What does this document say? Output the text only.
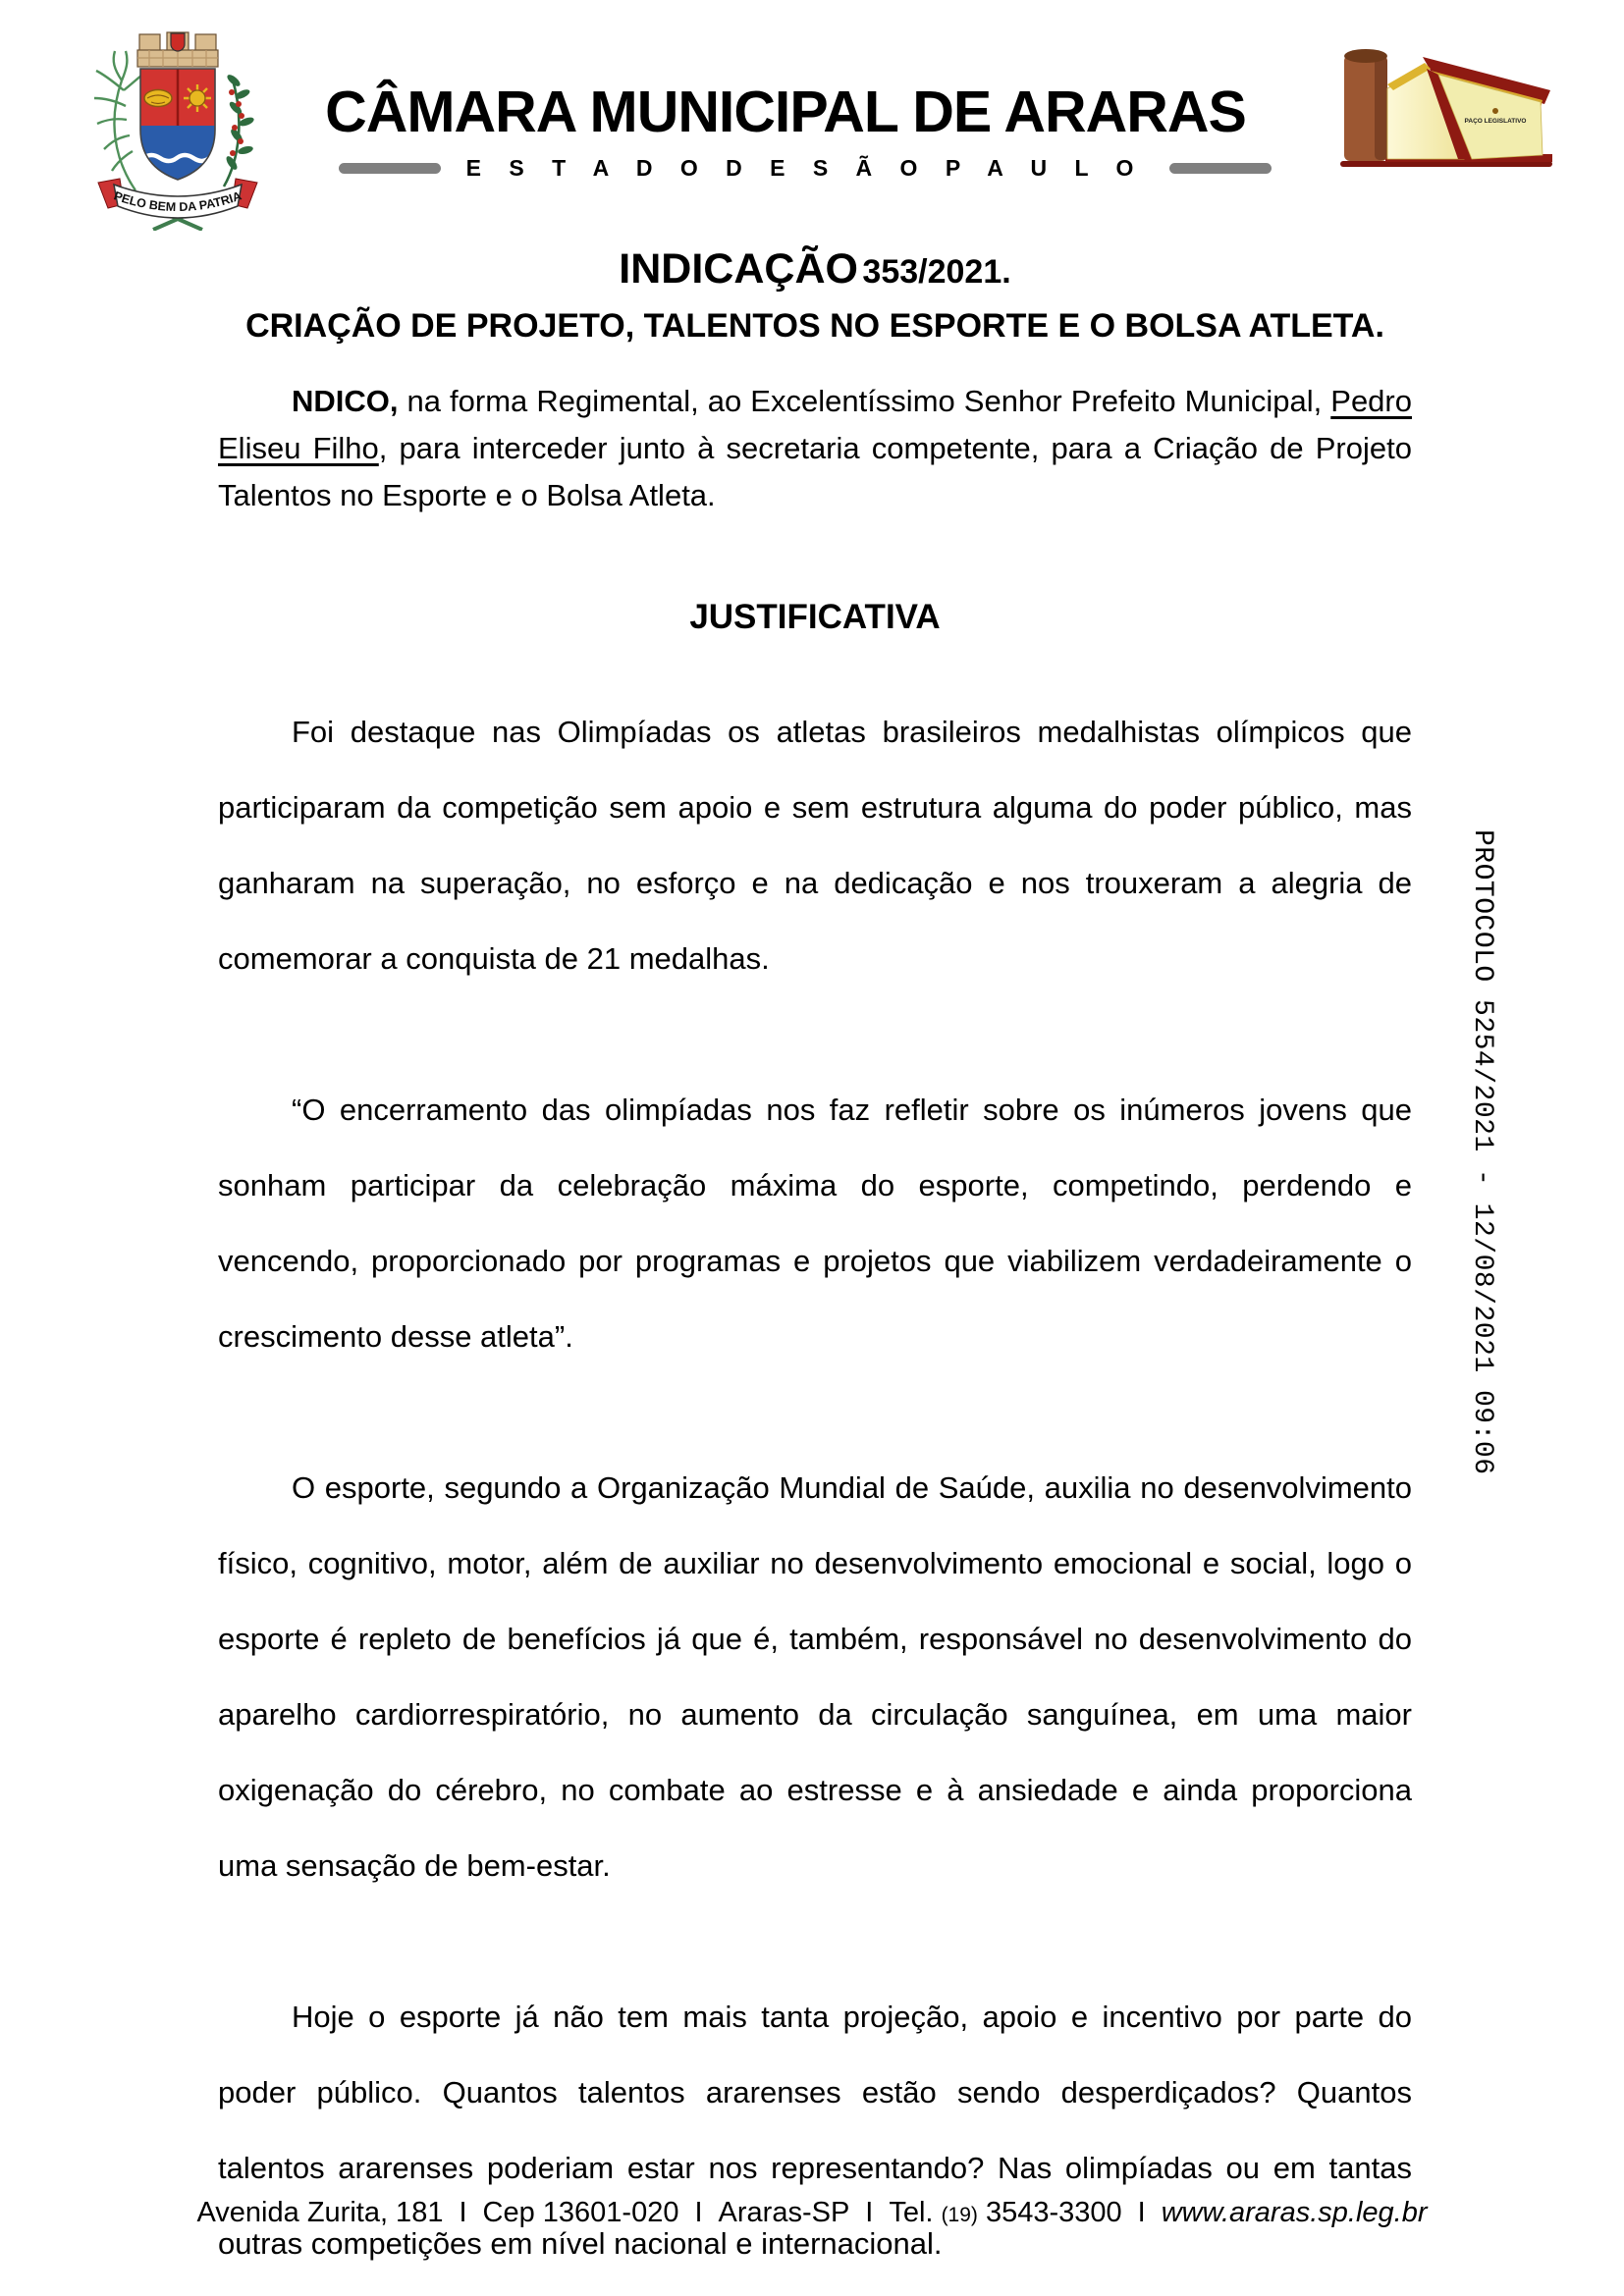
PELO BEM DA PATRIA
CÂMARA MUNICIPAL DE ARARAS
E S T A D O D E S Ã O P A U L O
PAÇO LEGISLATIVO
INDICAÇÃO 353/2021.
CRIAÇÃO DE PROJETO, TALENTOS NO ESPORTE E O BOLSA ATLETA.

NDICO, na forma Regimental, ao Excelentíssimo Senhor Prefeito Municipal, Pedro Eliseu Filho, para interceder junto à secretaria competente, para a Criação de Projeto Talentos no Esporte e o Bolsa Atleta.

JUSTIFICATIVA

Foi destaque nas Olimpíadas os atletas brasileiros medalhistas olímpicos que participaram da competição sem apoio e sem estrutura alguma do poder público, mas ganharam na superação, no esforço e na dedicação e nos trouxeram a alegria de comemorar a conquista de 21 medalhas.

“O encerramento das olimpíadas nos faz refletir sobre os inúmeros jovens que sonham participar da celebração máxima do esporte, competindo, perdendo e vencendo, proporcionado por programas e projetos que viabilizem verdadeiramente o crescimento desse atleta”.

O esporte, segundo a Organização Mundial de Saúde, auxilia no desenvolvimento físico, cognitivo, motor, além de auxiliar no desenvolvimento emocional e social, logo o esporte é repleto de benefícios já que é, também, responsável no desenvolvimento do aparelho cardiorrespiratório, no aumento da circulação sanguínea, em uma maior oxigenação do cérebro, no combate ao estresse e à ansiedade e ainda proporciona uma sensação de bem-estar.

Hoje o esporte já não tem mais tanta projeção, apoio e incentivo por parte do poder público. Quantos talentos ararenses estão sendo desperdiçados? Quantos talentos ararenses poderiam estar nos representando? Nas olimpíadas ou em tantas outras competições em nível nacional e internacional.

PROTOCOLO 5254/2021 - 12/08/2021 09:06
Avenida Zurita, 181 I Cep 13601-020 I Araras-SP I Tel. (19) 3543-3300 I www.araras.sp.leg.br
